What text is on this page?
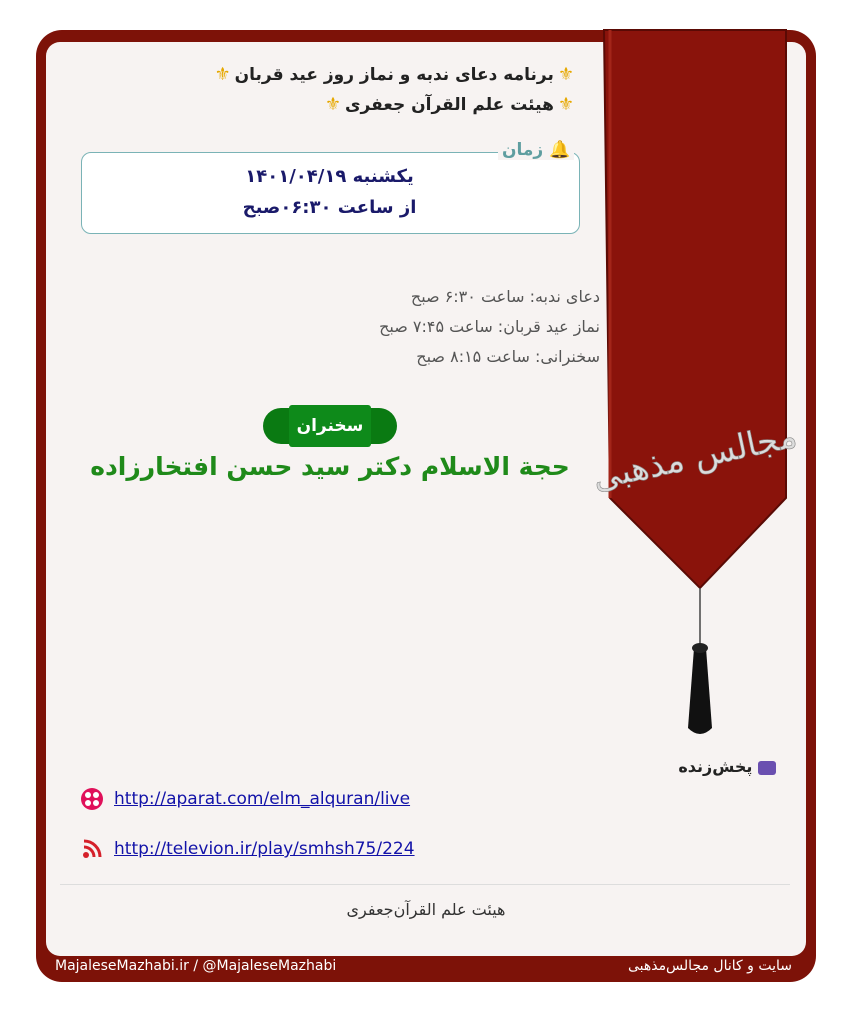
⚜برنامه دعای ندبه و نماز روز عید قربان⚜
⚜هیئت علم القرآن جعفری⚜
🔔 زمان
یکشنبه ۱۴۰۱/۰۴/۱۹
از ساعت ۰۶:۳۰صبح
دعای ندبه: ساعت ۶:۳۰ صبح
نماز عید قربان: ساعت ۷:۴۵ صبح
سخنرانی: ساعت ۸:۱۵ صبح
سخنران
حجة الاسلام دکتر سید حسن افتخارزاده مجالس مذهبی
پخش‌زنده
http://aparat.com/elm_alquran/live
http://televion.ir/play/smhsh75/224
هیئت علم القرآن‌جعفری
MajaleseMazhabi.ir / @MajaleseMazhabi	سایت و کانال مجالس‌مذهبی
